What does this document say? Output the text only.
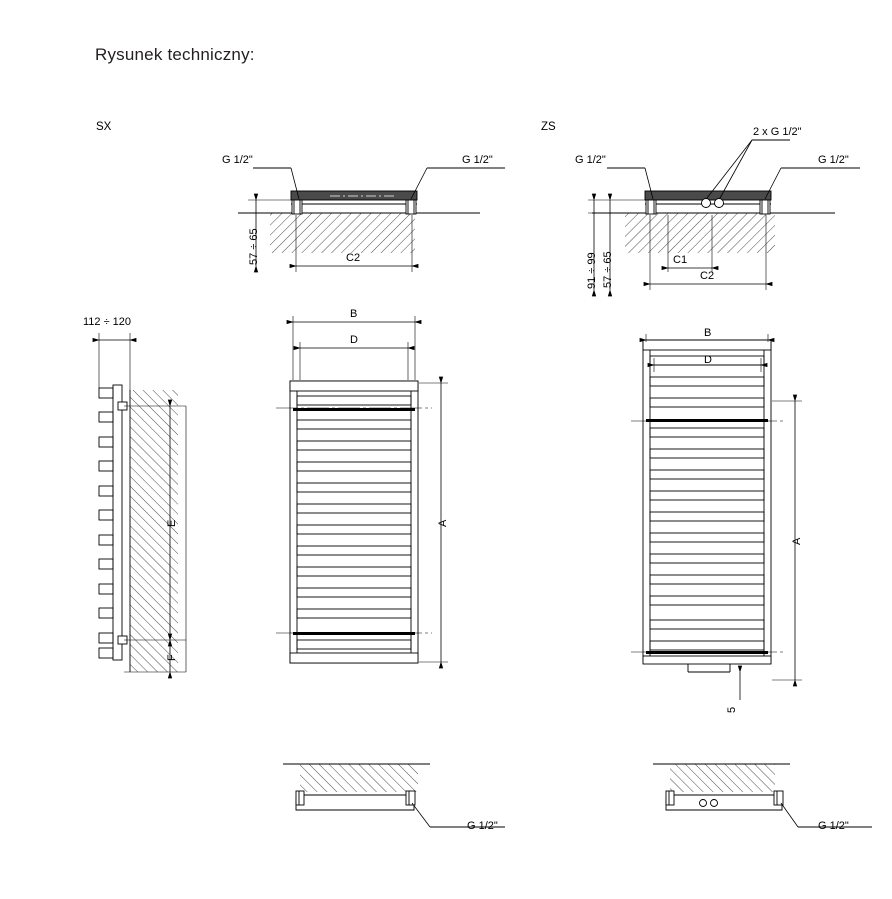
Rysunek techniczny:
SX	ZS
G 1/2"	G 1/2"
57 ÷ 65	C2
G 1/2"	G 1/2"
2 x G 1/2"
91 ÷ 99 57 ÷ 65	C1
C2
112 ÷ 120
E
F
B
D
A
B
D
A
5
G 1/2"	G 1/2"
